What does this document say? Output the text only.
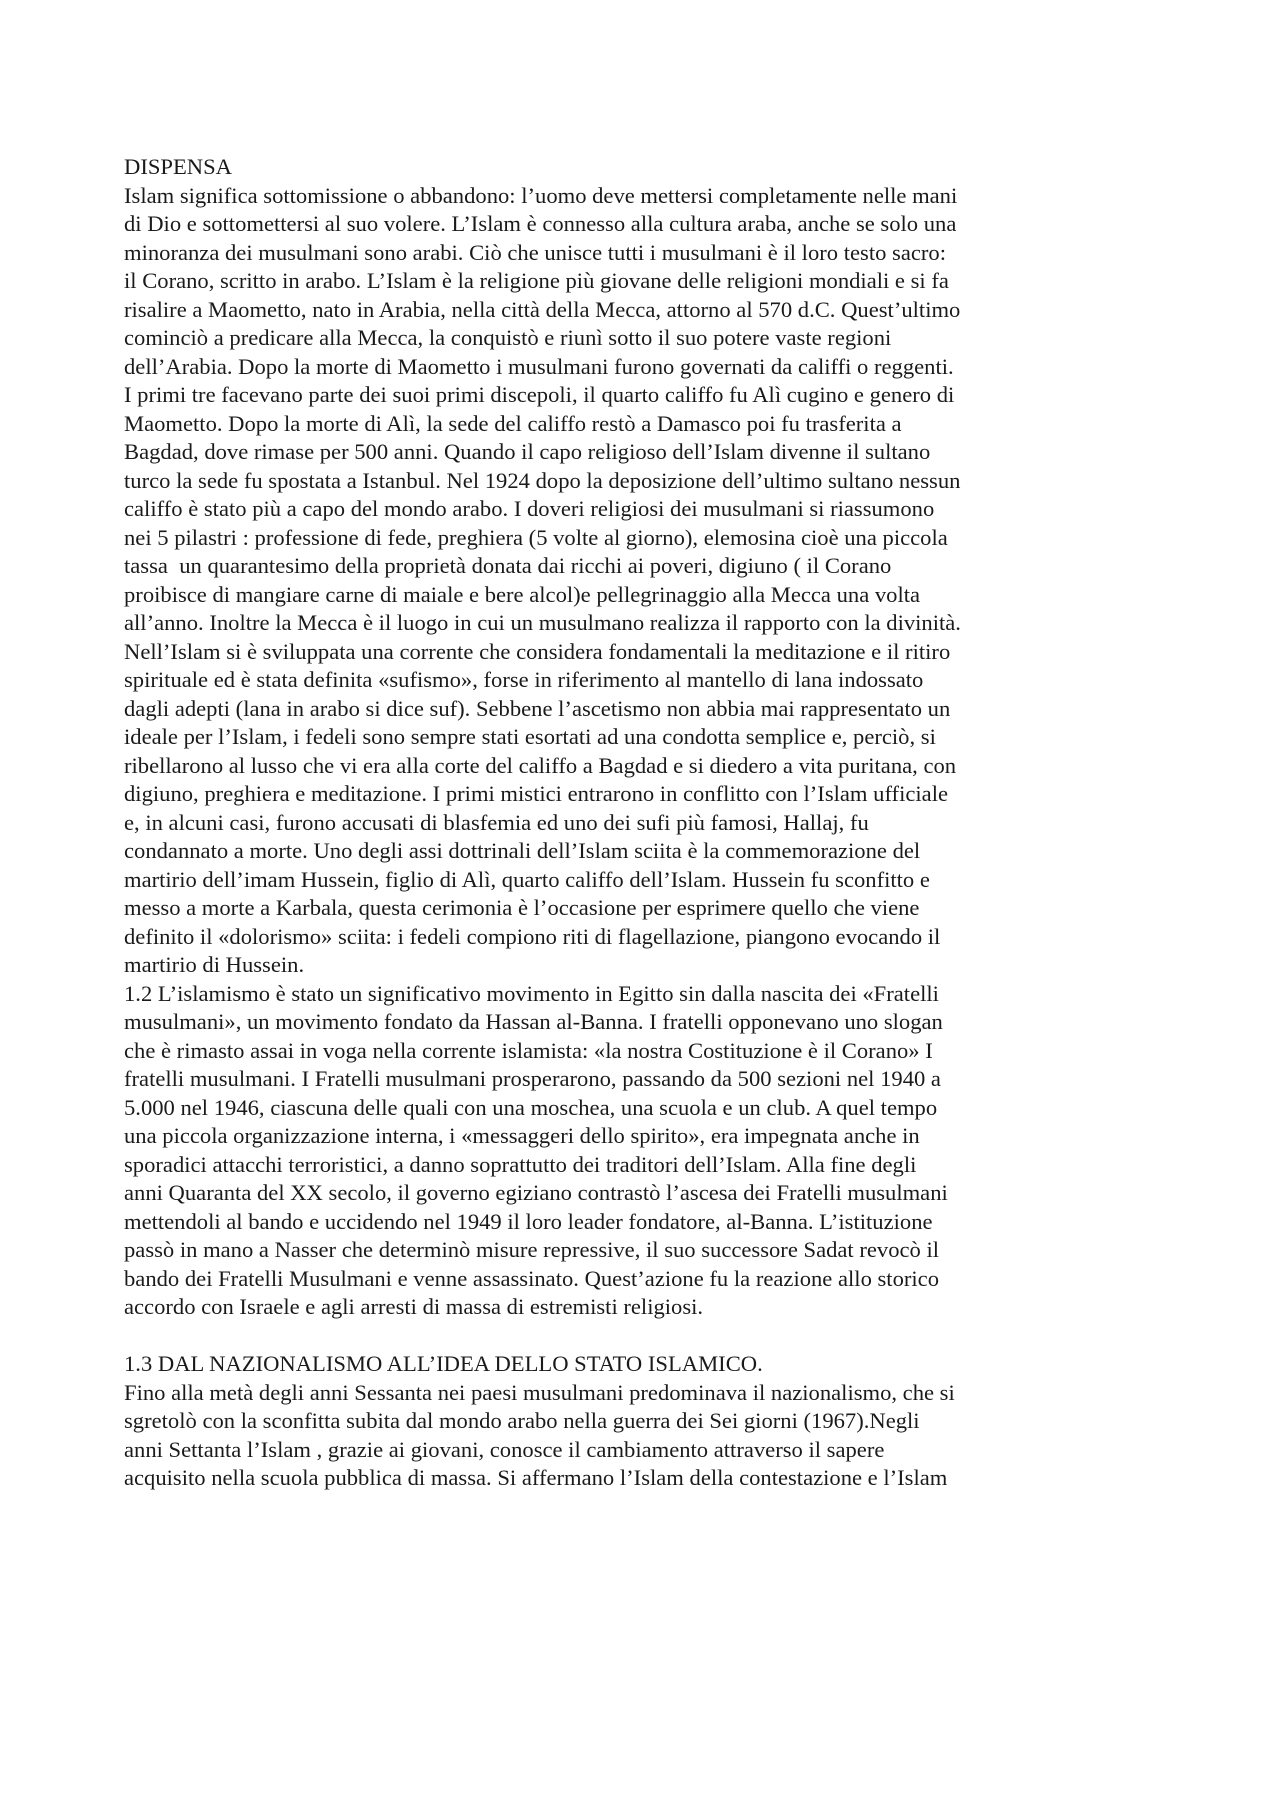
DISPENSA
Islam significa sottomissione o abbandono: l’uomo deve mettersi completamente nelle mani
di Dio e sottomettersi al suo volere. L’Islam è connesso alla cultura araba, anche se solo una
minoranza dei musulmani sono arabi. Ciò che unisce tutti i musulmani è il loro testo sacro:
il Corano, scritto in arabo. L’Islam è la religione più giovane delle religioni mondiali e si fa
risalire a Maometto, nato in Arabia, nella città della Mecca, attorno al 570 d.C. Quest’ultimo
cominciò a predicare alla Mecca, la conquistò e riunì sotto il suo potere vaste regioni
dell’Arabia. Dopo la morte di Maometto i musulmani furono governati da califfi o reggenti.
I primi tre facevano parte dei suoi primi discepoli, il quarto califfo fu Alì cugino e genero di
Maometto. Dopo la morte di Alì, la sede del califfo restò a Damasco poi fu trasferita a
Bagdad, dove rimase per 500 anni. Quando il capo religioso dell’Islam divenne il sultano
turco la sede fu spostata a Istanbul. Nel 1924 dopo la deposizione dell’ultimo sultano nessun
califfo è stato più a capo del mondo arabo. I doveri religiosi dei musulmani si riassumono
nei 5 pilastri : professione di fede, preghiera (5 volte al giorno), elemosina cioè una piccola
tassa  un quarantesimo della proprietà donata dai ricchi ai poveri, digiuno ( il Corano
proibisce di mangiare carne di maiale e bere alcol)e pellegrinaggio alla Mecca una volta
all’anno. Inoltre la Mecca è il luogo in cui un musulmano realizza il rapporto con la divinità.
Nell’Islam si è sviluppata una corrente che considera fondamentali la meditazione e il ritiro
spirituale ed è stata definita «sufismo», forse in riferimento al mantello di lana indossato
dagli adepti (lana in arabo si dice suf). Sebbene l’ascetismo non abbia mai rappresentato un
ideale per l’Islam, i fedeli sono sempre stati esortati ad una condotta semplice e, perciò, si
ribellarono al lusso che vi era alla corte del califfo a Bagdad e si diedero a vita puritana, con
digiuno, preghiera e meditazione. I primi mistici entrarono in conflitto con l’Islam ufficiale
e, in alcuni casi, furono accusati di blasfemia ed uno dei sufi più famosi, Hallaj, fu
condannato a morte. Uno degli assi dottrinali dell’Islam sciita è la commemorazione del
martirio dell’imam Hussein, figlio di Alì, quarto califfo dell’Islam. Hussein fu sconfitto e
messo a morte a Karbala, questa cerimonia è l’occasione per esprimere quello che viene
definito il «dolorismo» sciita: i fedeli compiono riti di flagellazione, piangono evocando il
martirio di Hussein.
1.2 L’islamismo è stato un significativo movimento in Egitto sin dalla nascita dei «Fratelli
musulmani», un movimento fondato da Hassan al-Banna. I fratelli opponevano uno slogan
che è rimasto assai in voga nella corrente islamista: «la nostra Costituzione è il Corano» I
fratelli musulmani. I Fratelli musulmani prosperarono, passando da 500 sezioni nel 1940 a
5.000 nel 1946, ciascuna delle quali con una moschea, una scuola e un club. A quel tempo
una piccola organizzazione interna, i «messaggeri dello spirito», era impegnata anche in
sporadici attacchi terroristici, a danno soprattutto dei traditori dell’Islam. Alla fine degli
anni Quaranta del XX secolo, il governo egiziano contrastò l’ascesa dei Fratelli musulmani
mettendoli al bando e uccidendo nel 1949 il loro leader fondatore, al-Banna. L’istituzione
passò in mano a Nasser che determinò misure repressive, il suo successore Sadat revocò il
bando dei Fratelli Musulmani e venne assassinato. Quest’azione fu la reazione allo storico
accordo con Israele e agli arresti di massa di estremisti religiosi.
1.3 DAL NAZIONALISMO ALL’IDEA DELLO STATO ISLAMICO.
Fino alla metà degli anni Sessanta nei paesi musulmani predominava il nazionalismo, che si
sgretolò con la sconfitta subita dal mondo arabo nella guerra dei Sei giorni (1967).Negli
anni Settanta l’Islam , grazie ai giovani, conosce il cambiamento attraverso il sapere
acquisito nella scuola pubblica di massa. Si affermano l’Islam della contestazione e l’Islam
